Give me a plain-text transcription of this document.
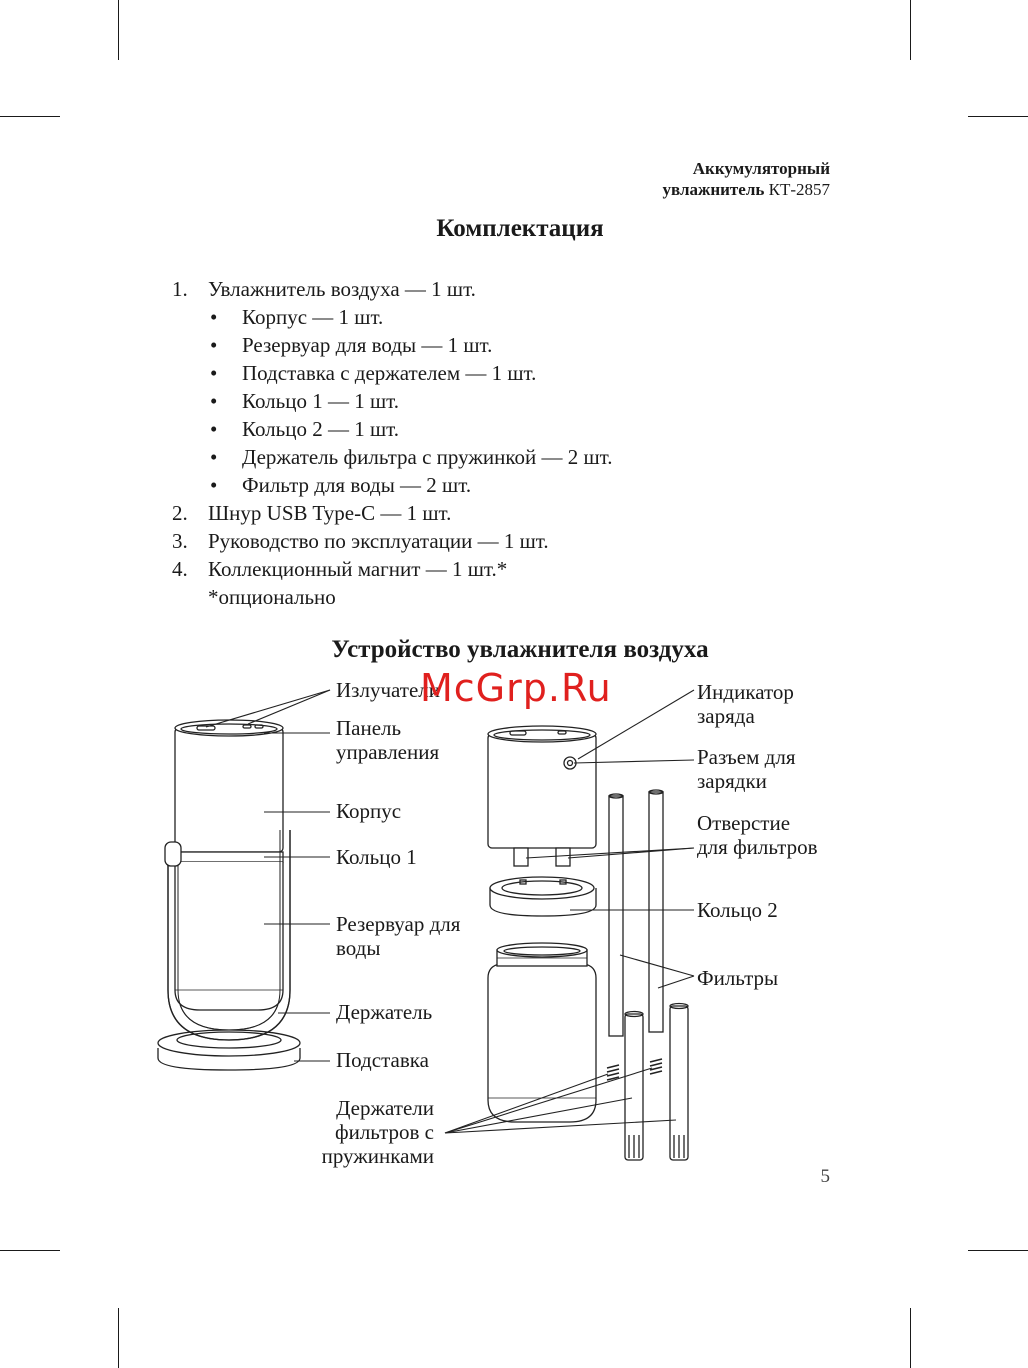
Аккумуляторный
увлажнитель КТ-2857
Комплектация
1. Увлажнитель воздуха — 1 шт.
• Корпус — 1 шт.
• Резервуар для воды — 1 шт.
• Подставка с держателем — 1 шт.
• Кольцо 1 — 1 шт.
• Кольцо 2 — 1 шт.
• Держатель фильтра с пружинкой — 2 шт.
• Фильтр для воды — 2 шт.
2. Шнур USB Type-C — 1 шт.
3. Руководство по эксплуатации — 1 шт.
4. Коллекционный магнит — 1 шт.*
*опционально
Устройство увлажнителя воздуха
Излучатели
Панель
управления
Корпус
Кольцо 1
Резервуар для
воды
Держатель
Подставка
Держатели
фильтров с
пружинками
Индикатор
заряда
Разъем для
зарядки
Отверстие
для фильтров
Кольцо 2
Фильтры
McGrp.Ru
5
